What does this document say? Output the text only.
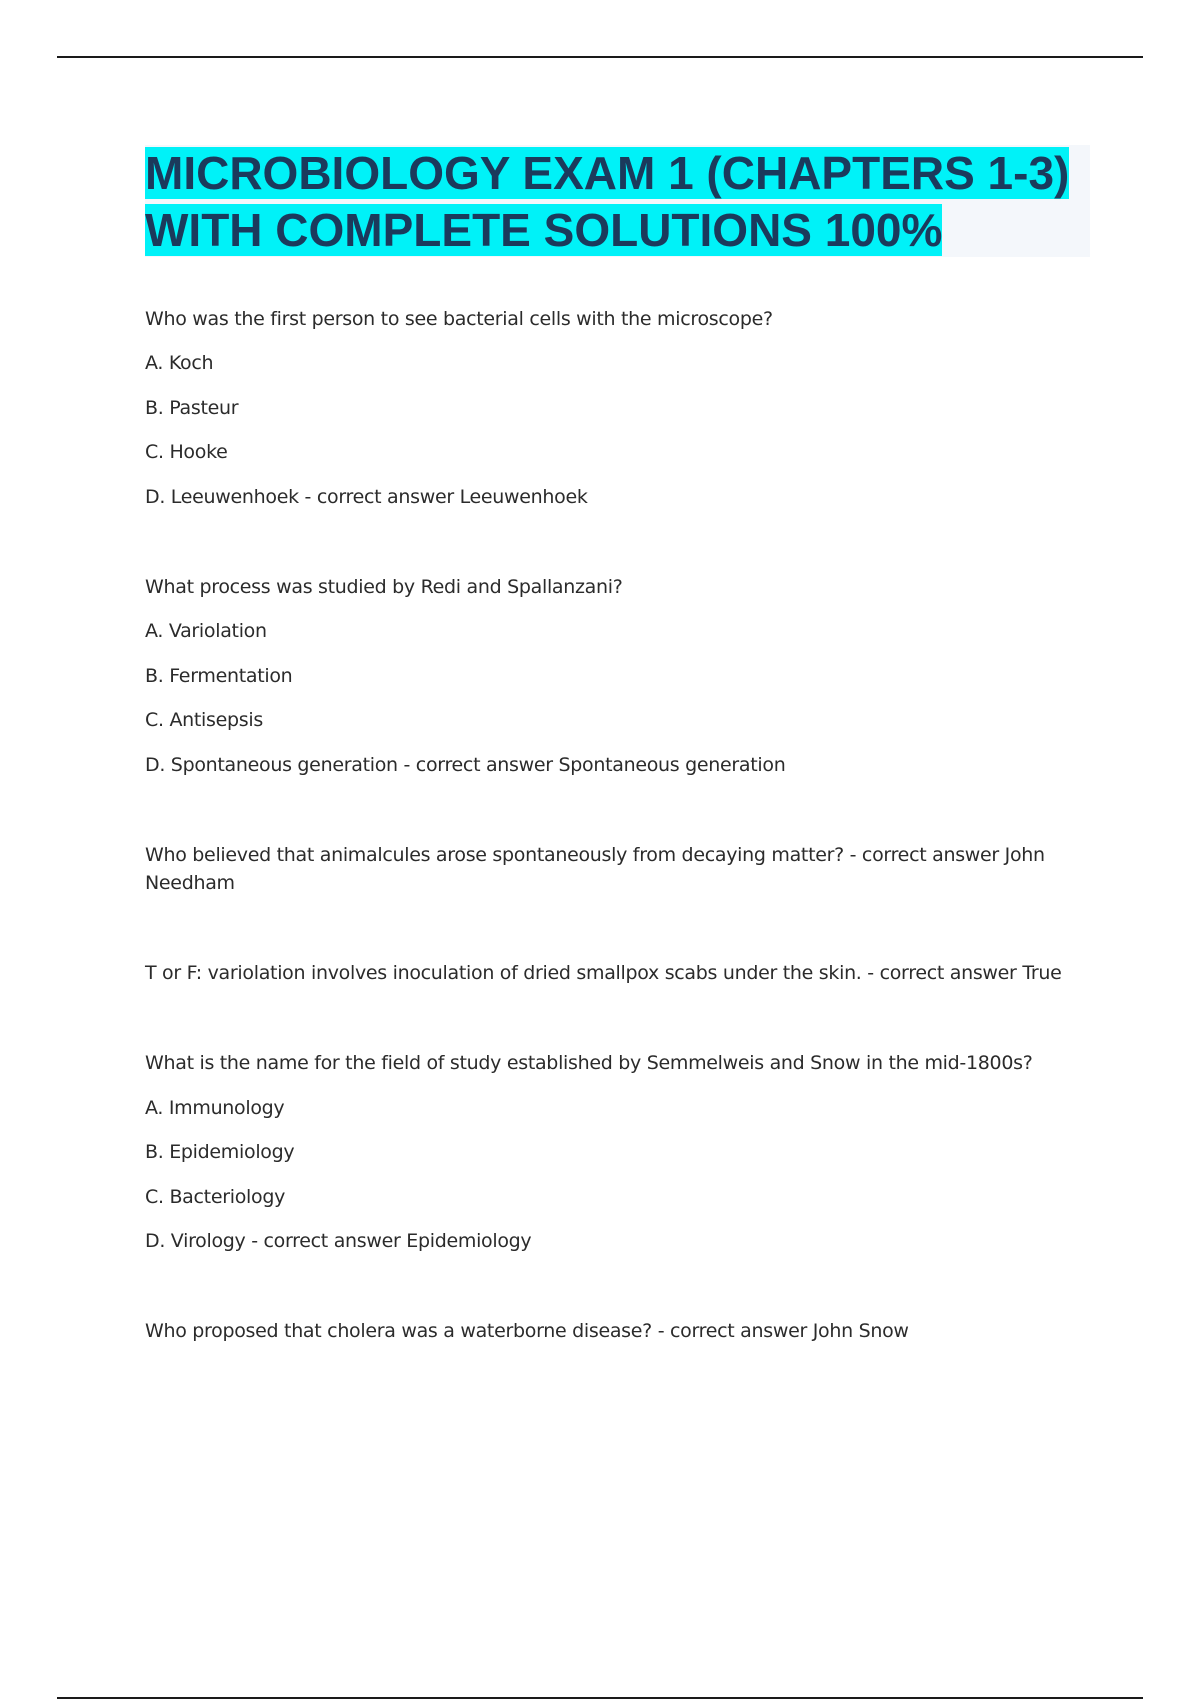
MICROBIOLOGY EXAM 1 (CHAPTERS 1-3) WITH COMPLETE SOLUTIONS 100%

Who was the first person to see bacterial cells with the microscope?

A. Koch

B. Pasteur

C. Hooke

D. Leeuwenhoek - correct answer Leeuwenhoek

What process was studied by Redi and Spallanzani?

A. Variolation

B. Fermentation

C. Antisepsis

D. Spontaneous generation - correct answer Spontaneous generation

Who believed that animalcules arose spontaneously from decaying matter? - correct answer John Needham

T or F: variolation involves inoculation of dried smallpox scabs under the skin. - correct answer True

What is the name for the field of study established by Semmelweis and Snow in the mid-1800s?

A. Immunology

B. Epidemiology

C. Bacteriology

D. Virology - correct answer Epidemiology

Who proposed that cholera was a waterborne disease? - correct answer John Snow
